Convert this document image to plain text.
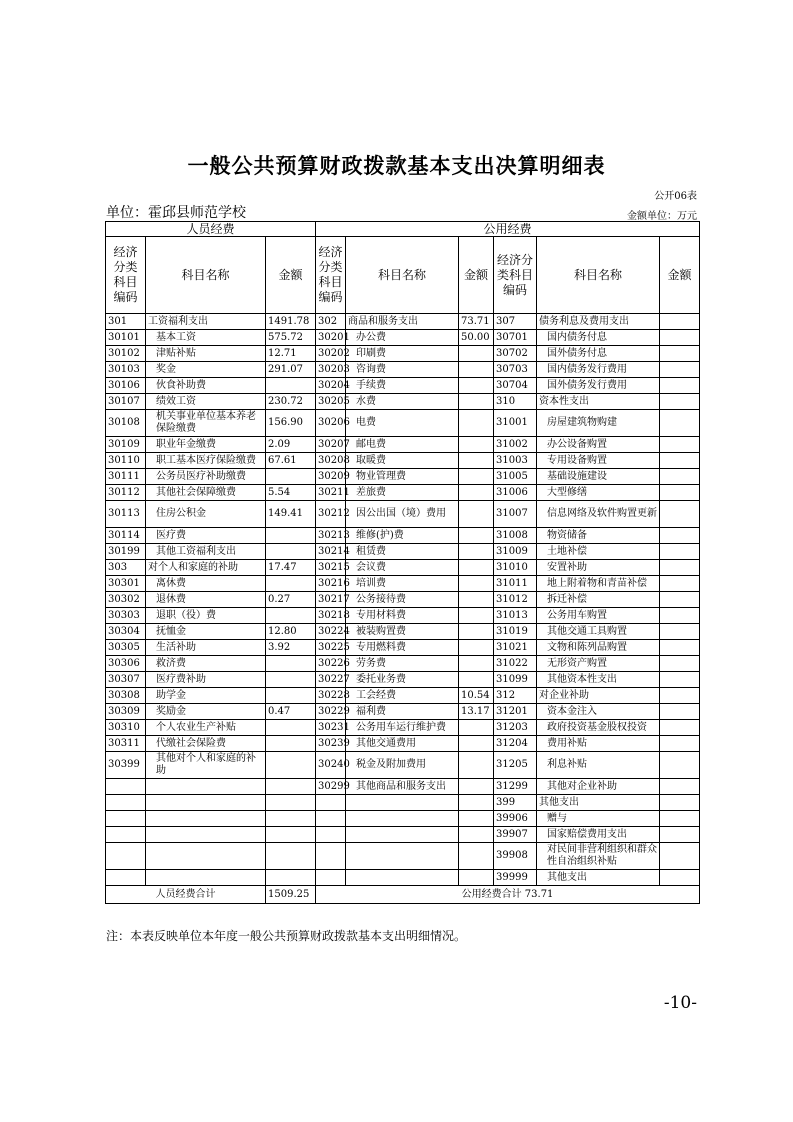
一般公共预算财政拨款基本支出决算明细表
公开06表
单位：霍邱县师范学校	金额单位：万元
人员经费			公用经费					
经济分类科目编码	科目名称	金额	经济分类科目编码	科目名称	金额	经济分类科目编码	科目名称	金额
301	工资福利支出	1491.78	302	商品和服务支出	73.71	307	债务利息及费用支出	
30101	基本工资	575.72	30201	办公费	50.00	30701	国内债务付息	
30102	津贴补贴	12.71	30202	印刷费		30702	国外债务付息	
30103	奖金	291.07	30203	咨询费		30703	国内债务发行费用	
30106	伙食补助费		30204	手续费		30704	国外债务发行费用	
30107	绩效工资	230.72	30205	水费		310	资本性支出	
30108	机关事业单位基本养老保险缴费	156.90	30206	电费		31001	房屋建筑物购建	
30109	职业年金缴费	2.09	30207	邮电费		31002	办公设备购置	
30110	职工基本医疗保险缴费	67.61	30208	取暖费		31003	专用设备购置	
30111	公务员医疗补助缴费		30209	物业管理费		31005	基础设施建设	
30112	其他社会保障缴费	5.54	30211	差旅费		31006	大型修缮	
30113	住房公积金	149.41	30212	因公出国（境）费用		31007	信息网络及软件购置更新	
30114	医疗费		30213	维修(护)费		31008	物资储备	
30199	其他工资福利支出		30214	租赁费		31009	土地补偿	
303	对个人和家庭的补助	17.47	30215	会议费		31010	安置补助	
30301	离休费		30216	培训费		31011	地上附着物和青苗补偿	
30302	退休费	0.27	30217	公务接待费		31012	拆迁补偿	
30303	退职（役）费		30218	专用材料费		31013	公务用车购置	
30304	抚恤金	12.80	30224	被装购置费		31019	其他交通工具购置	
30305	生活补助	3.92	30225	专用燃料费		31021	文物和陈列品购置	
30306	救济费		30226	劳务费		31022	无形资产购置	
30307	医疗费补助		30227	委托业务费		31099	其他资本性支出	
30308	助学金		30228	工会经费	10.54	312	对企业补助	
30309	奖励金	0.47	30229	福利费	13.17	31201	资本金注入	
30310	个人农业生产补贴		30231	公务用车运行维护费		31203	政府投资基金股权投资	
30311	代缴社会保险费		30239	其他交通费用		31204	费用补贴	
30399	其他对个人和家庭的补助		30240	税金及附加费用		31205	利息补贴	
			30299	其他商品和服务支出		31299	其他对企业补助	
						399	其他支出	
						39906	赠与	
						39907	国家赔偿费用支出	
						39908	对民间非营利组织和群众性自治组织补贴	
						39999	其他支出	
人员经费合计		1509.25	公用经费合计 73.71					
注：本表反映单位本年度一般公共预算财政拨款基本支出明细情况。
-10-
